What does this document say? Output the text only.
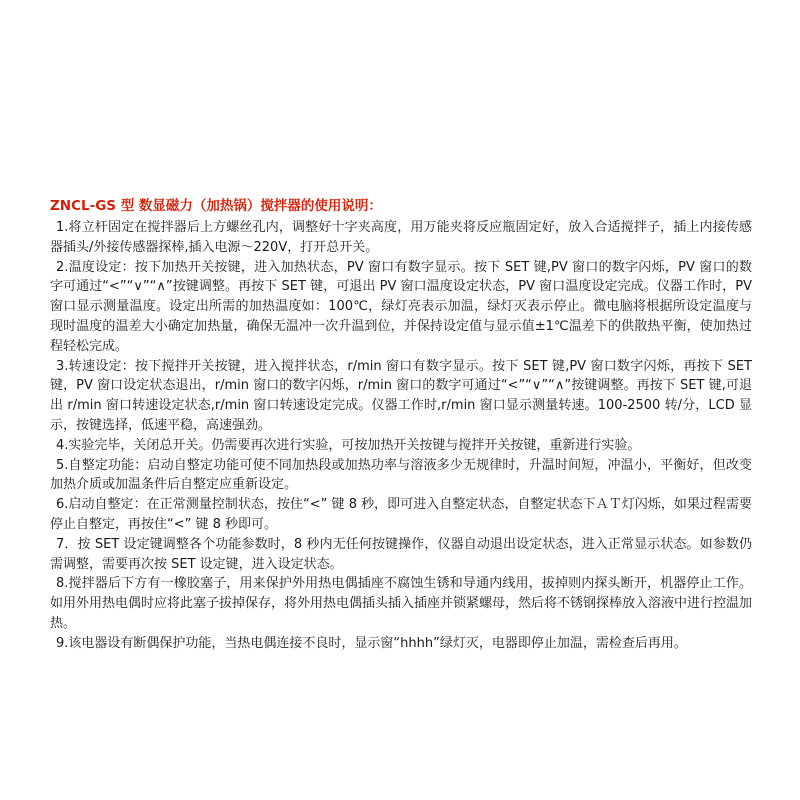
ZNCL-GS 型 数显磁力（加热锅）搅拌器的使用说明：

1.将立杆固定在搅拌器后上方螺丝孔内，调整好十字夹高度，用万能夹将反应瓶固定好，放入合适搅拌子，插上内接传感器插头/外接传感器探棒,插入电源～220V，打开总开关。

2.温度设定：按下加热开关按键，进入加热状态，PV 窗口有数字显示。按下 SET 键,PV 窗口的数字闪烁，PV 窗口的数字可通过“<”“∨”“∧”按键调整。再按下 SET 键，可退出 PV 窗口温度设定状态，PV 窗口温度设定完成。仪器工作时，PV 窗口显示测量温度。设定出所需的加热温度如：100℃，绿灯亮表示加温，绿灯灭表示停止。微电脑将根据所设定温度与现时温度的温差大小确定加热量，确保无温冲一次升温到位，并保持设定值与显示值±1℃温差下的供散热平衡，使加热过程轻松完成。

3.转速设定：按下搅拌开关按键，进入搅拌状态，r/min 窗口有数字显示。按下 SET 键,PV 窗口数字闪烁，再按下 SET 键，PV 窗口设定状态退出，r/min 窗口的数字闪烁，r/min 窗口的数字可通过“<”“∨”“∧”按键调整。再按下 SET 键,可退出 r/min 窗口转速设定状态,r/min 窗口转速设定完成。仪器工作时,r/min 窗口显示测量转速。100-2500 转/分，LCD 显示，按键选择，低速平稳，高速强劲。

4.实验完毕，关闭总开关。仍需要再次进行实验，可按加热开关按键与搅拌开关按键，重新进行实验。

5.自整定功能：启动自整定功能可使不同加热段或加热功率与溶液多少无规律时，升温时间短，冲温小，平衡好，但改变加热介质或加温条件后自整定应重新设定。

6.启动自整定：在正常测量控制状态，按住“<” 键 8 秒，即可进入自整定状态，自整定状态下ＡＴ灯闪烁，如果过程需要停止自整定，再按住“<” 键 8 秒即可。

7．按 SET 设定键调整各个功能参数时，8 秒内无任何按键操作，仪器自动退出设定状态，进入正常显示状态。如参数仍需调整，需要再次按 SET 设定键，进入设定状态。

8.搅拌器后下方有一橡胶塞子，用来保护外用热电偶插座不腐蚀生锈和导通内线用，拔掉则内探头断开，机器停止工作。如用外用热电偶时应将此塞子拔掉保存，将外用热电偶插头插入插座并锁紧螺母，然后将不锈钢探棒放入溶液中进行控温加热。

9.该电器设有断偶保护功能，当热电偶连接不良时，显示窗“hhhh”绿灯灭，电器即停止加温，需检查后再用。
